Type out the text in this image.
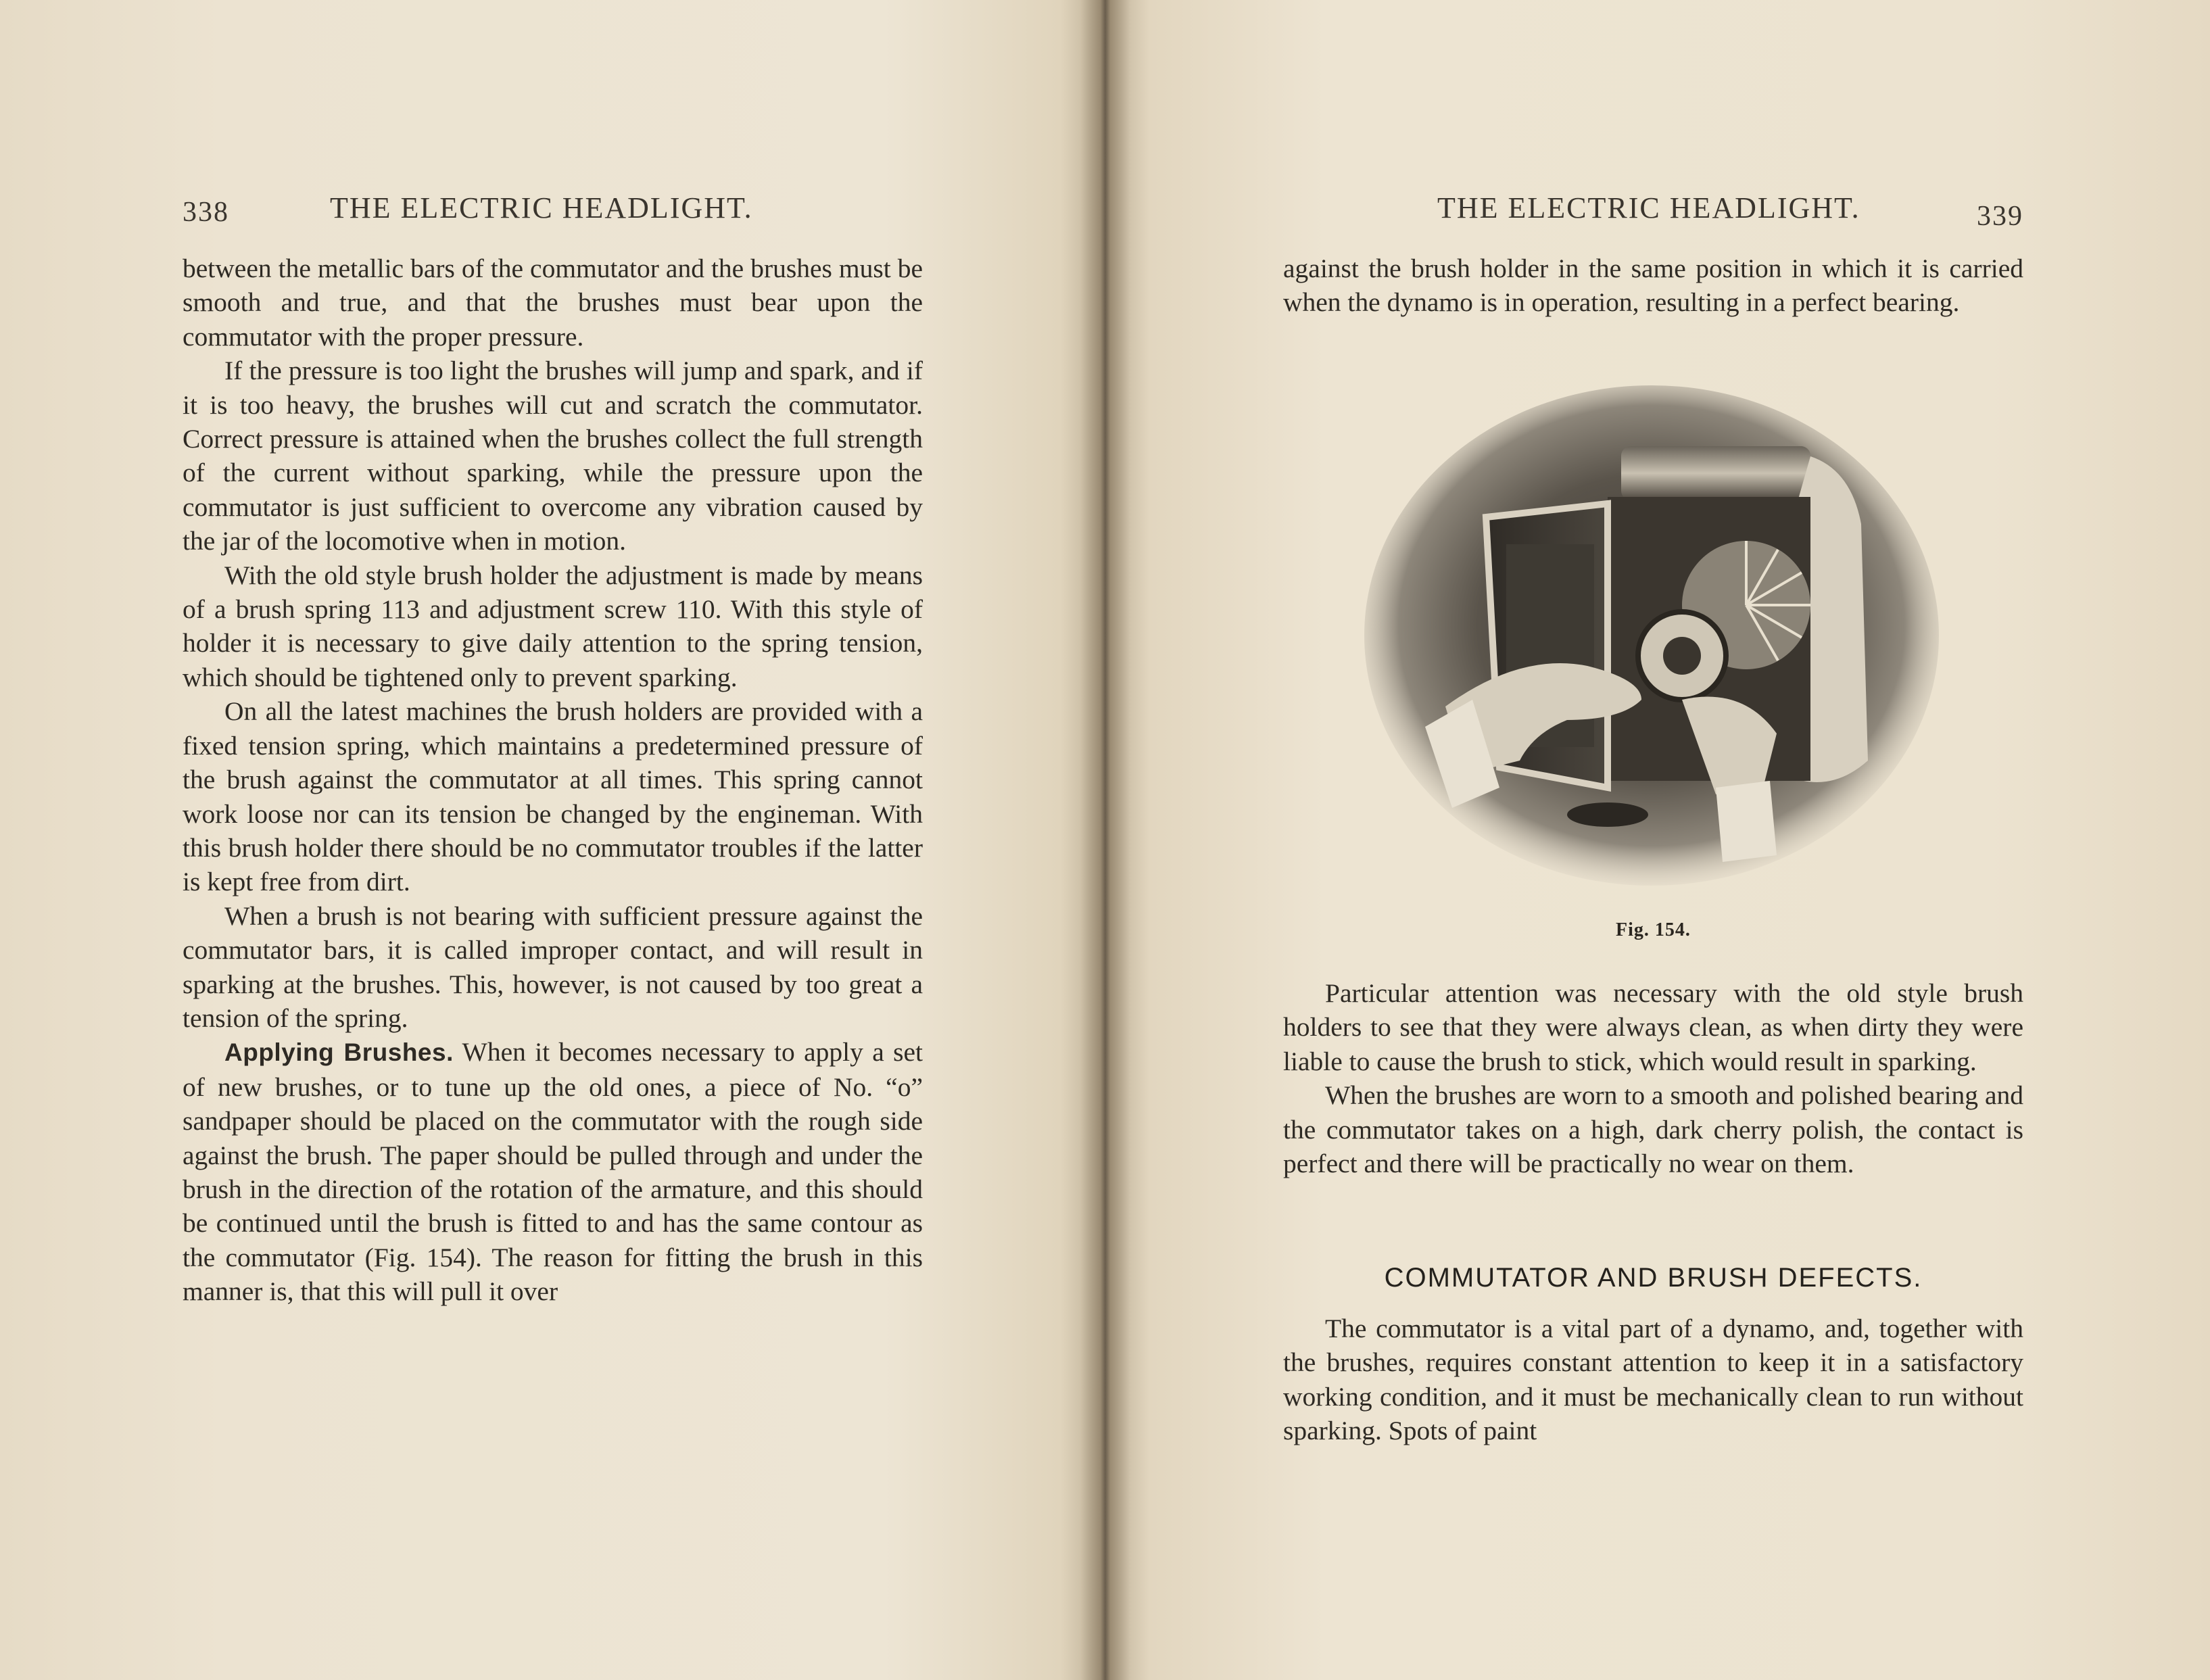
338	THE ELECTRIC HEADLIGHT.

between the metallic bars of the commutator and the brushes must be smooth and true, and that the brushes must bear upon the commutator with the proper pressure.

If the pressure is too light the brushes will jump and spark, and if it is too heavy, the brushes will cut and scratch the commutator. Correct pressure is attained when the brushes collect the full strength of the current without sparking, while the pressure upon the commutator is just sufficient to overcome any vibration caused by the jar of the locomotive when in motion.

With the old style brush holder the adjustment is made by means of a brush spring 113 and adjustment screw 110. With this style of holder it is necessary to give daily attention to the spring tension, which should be tightened only to prevent sparking.

On all the latest machines the brush holders are provided with a fixed tension spring, which maintains a predetermined pressure of the brush against the commutator at all times. This spring cannot work loose nor can its tension be changed by the engineman. With this brush holder there should be no commutator troubles if the latter is kept free from dirt.

When a brush is not bearing with sufficient pressure against the commutator bars, it is called improper contact, and will result in sparking at the brushes. This, however, is not caused by too great a tension of the spring.

Applying Brushes. When it becomes necessary to apply a set of new brushes, or to tune up the old ones, a piece of No. “o” sandpaper should be placed on the commutator with the rough side against the brush. The paper should be pulled through and under the brush in the direction of the rotation of the armature, and this should be continued until the brush is fitted to and has the same contour as the commutator (Fig. 154). The reason for fitting the brush in this manner is, that this will pull it over

THE ELECTRIC HEADLIGHT.	339

against the brush holder in the same position in which it is carried when the dynamo is in operation, resulting in a perfect bearing.

Fig. 154.

Particular attention was necessary with the old style brush holders to see that they were always clean, as when dirty they were liable to cause the brush to stick, which would result in sparking.

When the brushes are worn to a smooth and polished bearing and the commutator takes on a high, dark cherry polish, the contact is perfect and there will be practically no wear on them.

COMMUTATOR AND BRUSH DEFECTS.

The commutator is a vital part of a dynamo, and, together with the brushes, requires constant attention to keep it in a satisfactory working condition, and it must be mechanically clean to run without sparking. Spots of paint
